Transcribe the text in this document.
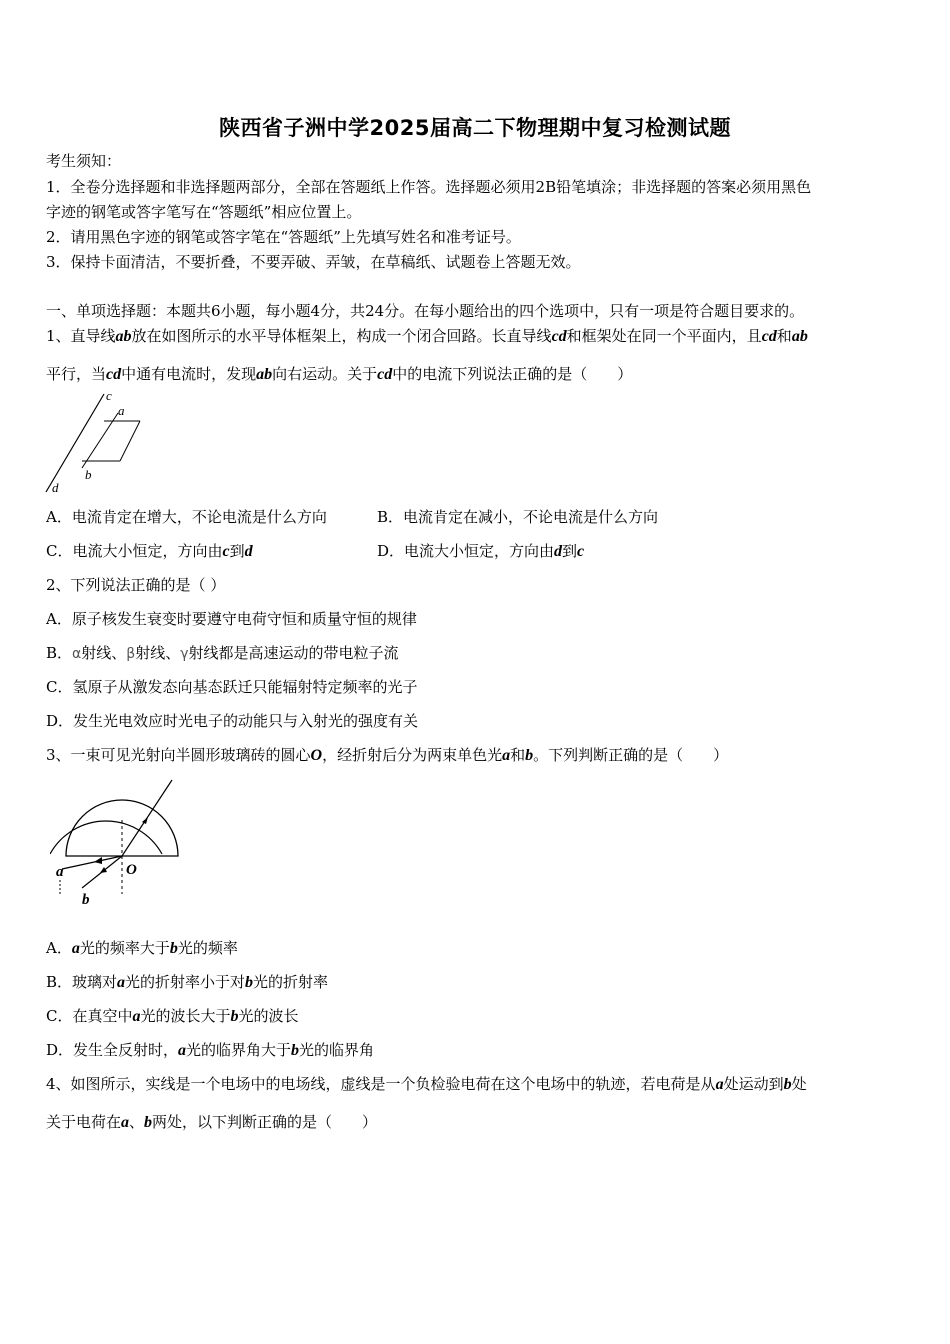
陕西省子洲中学2025届高二下物理期中复习检测试题
考生须知：
1．全卷分选择题和非选择题两部分，全部在答题纸上作答。选择题必须用2B铅笔填涂；非选择题的答案必须用黑色
字迹的钢笔或答字笔写在“答题纸”相应位置上。
2．请用黑色字迹的钢笔或答字笔在“答题纸”上先填写姓名和准考证号。
3．保持卡面清洁，不要折叠，不要弄破、弄皱，在草稿纸、试题卷上答题无效。
一、单项选择题：本题共6小题，每小题4分，共24分。在每小题给出的四个选项中，只有一项是符合题目要求的。
1、直导线ab放在如图所示的水平导体框架上，构成一个闭合回路。长直导线cd和框架处在同一个平面内，且cd和ab
平行，当cd中通有电流时，发现ab向右运动。关于cd中的电流下列说法正确的是（　　）
c
a
b
d
A．电流肯定在增大，不论电流是什么方向	B．电流肯定在减小，不论电流是什么方向
C．电流大小恒定，方向由c到d	D．电流大小恒定，方向由d到c
2、下列说法正确的是（ ）
A．原子核发生衰变时要遵守电荷守恒和质量守恒的规律
B．α射线、β射线、γ射线都是高速运动的带电粒子流
C．氢原子从激发态向基态跃迁只能辐射特定频率的光子
D．发生光电效应时光电子的动能只与入射光的强度有关
3、一束可见光射向半圆形玻璃砖的圆心O，经折射后分为两束单色光a和b。下列判断正确的是（　　）
a	O
b
A．a光的频率大于b光的频率
B．玻璃对a光的折射率小于对b光的折射率
C．在真空中a光的波长大于b光的波长
D．发生全反射时，a光的临界角大于b光的临界角
4、如图所示，实线是一个电场中的电场线，虚线是一个负检验电荷在这个电场中的轨迹，若电荷是从a处运动到b处
关于电荷在a、b两处，以下判断正确的是（　　）
